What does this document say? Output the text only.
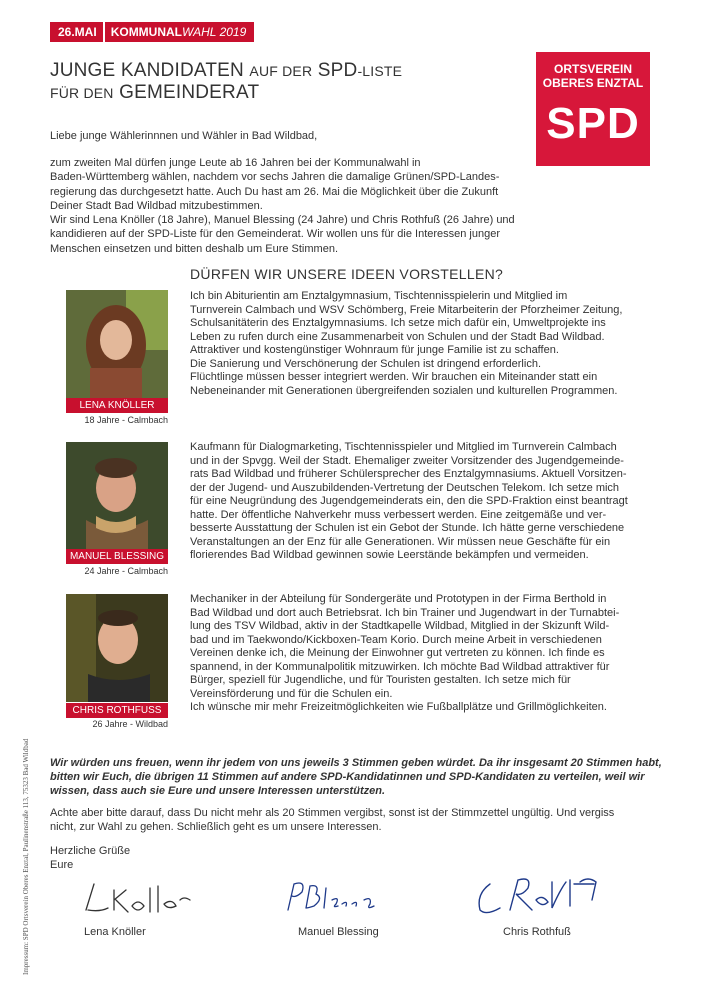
26.MAI KOMMUNAL WAHL 2019
JUNGE KANDIDATEN AUF DER SPD-LISTE
FÜR DEN GEMEINDERAT
ORTSVEREIN
OBERES ENZTAL
SPD

Liebe junge Wählerinnnen und Wähler in Bad Wildbad,

zum zweiten Mal dürfen junge Leute ab 16 Jahren bei der Kommunalwahl in
Baden-Württemberg wählen, nachdem vor sechs Jahren die damalige Grünen/SPD-Landes-
regierung das durchgesetzt hatte. Auch Du hast am 26. Mai die Möglichkeit über die Zukunft
Deiner Stadt Bad Wildbad mitzubestimmen.
Wir sind Lena Knöller (18 Jahre), Manuel Blessing (24 Jahre) und Chris Rothfuß (26 Jahre) und
kandidieren auf der SPD-Liste für den Gemeinderat. Wir wollen uns für die Interessen junger
Menschen einsetzen und bitten deshalb um Eure Stimmen.
DÜRFEN WIR UNSERE IDEEN VORSTELLEN?
LENA KNÖLLER
18 Jahre - Calmbach
Ich bin Abiturientin am Enztalgymnasium, Tischtennisspielerin und Mitglied im
Turnverein Calmbach und WSV Schömberg, Freie Mitarbeiterin der Pforzheimer Zeitung,
Schulsanitäterin des Enztalgymnasiums. Ich setze mich dafür ein, Umweltprojekte ins
Leben zu rufen durch eine Zusammenarbeit von Schulen und der Stadt Bad Wildbad.
Attraktiver und kostengünstiger Wohnraum für junge Familie ist zu schaffen.
Die Sanierung und Verschönerung der Schulen ist dringend erforderlich.
Flüchtlinge müssen besser integriert werden. Wir brauchen ein Miteinander statt ein
Nebeneinander mit Generationen übergreifenden sozialen und kulturellen Programmen.
MANUEL BLESSING
24 Jahre - Calmbach
Kaufmann für Dialogmarketing, Tischtennisspieler und Mitglied im Turnverein Calmbach
und in der Spvgg. Weil der Stadt. Ehemaliger zweiter Vorsitzender des Jugendgemeinde-
rats Bad Wildbad und früherer Schülersprecher des Enztalgymnasiums. Aktuell Vorsitzen-
der der Jugend- und Auszubildenden-Vertretung der Deutschen Telekom. Ich setze mich
für eine Neugründung des Jugendgemeinderats ein, den die SPD-Fraktion einst beantragt
hatte. Der öffentliche Nahverkehr muss verbessert werden. Eine zeitgemäße und ver-
besserte Ausstattung der Schulen ist ein Gebot der Stunde. Ich hätte gerne verschiedene
Veranstaltungen an der Enz für alle Generationen. Wir müssen neue Geschäfte für ein
florierendes Bad Wildbad gewinnen sowie Leerstände bekämpfen und vermeiden.
CHRIS ROTHFUSS
26 Jahre - Wildbad
Mechaniker in der Abteilung für Sondergeräte und Prototypen in der Firma Berthold in
Bad Wildbad und dort auch Betriebsrat. Ich bin Trainer und Jugendwart in der Turnabtei-
lung des TSV Wildbad, aktiv in der Stadtkapelle Wildbad, Mitglied in der Skizunft Wild-
bad und im Taekwondo/Kickboxen-Team Korio. Durch meine Arbeit in verschiedenen
Vereinen denke ich, die Meinung der Einwohner gut vertreten zu können. Ich finde es
spannend, in der Kommunalpolitik mitzuwirken. Ich möchte Bad Wildbad attraktiver für
Bürger, speziell für Jugendliche, und für Touristen gestalten. Ich setze mich für
Vereinsförderung und für die Schulen ein.
Ich wünsche mir mehr Freizeitmöglichkeiten wie Fußballplätze und Grillmöglichkeiten.
Wir würden uns freuen, wenn ihr jedem von uns jeweils 3 Stimmen geben würdet. Da ihr insgesamt 20 Stimmen habt,
bitten wir Euch, die übrigen 11 Stimmen auf andere SPD-Kandidatinnen und SPD-Kandidaten zu verteilen, weil wir
wissen, dass auch sie Eure und unsere Interessen unterstützen.
Achte aber bitte darauf, dass Du nicht mehr als 20 Stimmen vergibst, sonst ist der Stimmzettel ungültig. Und vergiss
nicht, zur Wahl zu gehen. Schließlich geht es um unsere Interessen.
Herzliche Grüße
Eure
Lena Knöller	Manuel Blessing	Chris Rothfuß
Impressum: SPD Ortsverein Oberes Enztal, Paulinenstraße 113, 75323 Bad Wildbad
